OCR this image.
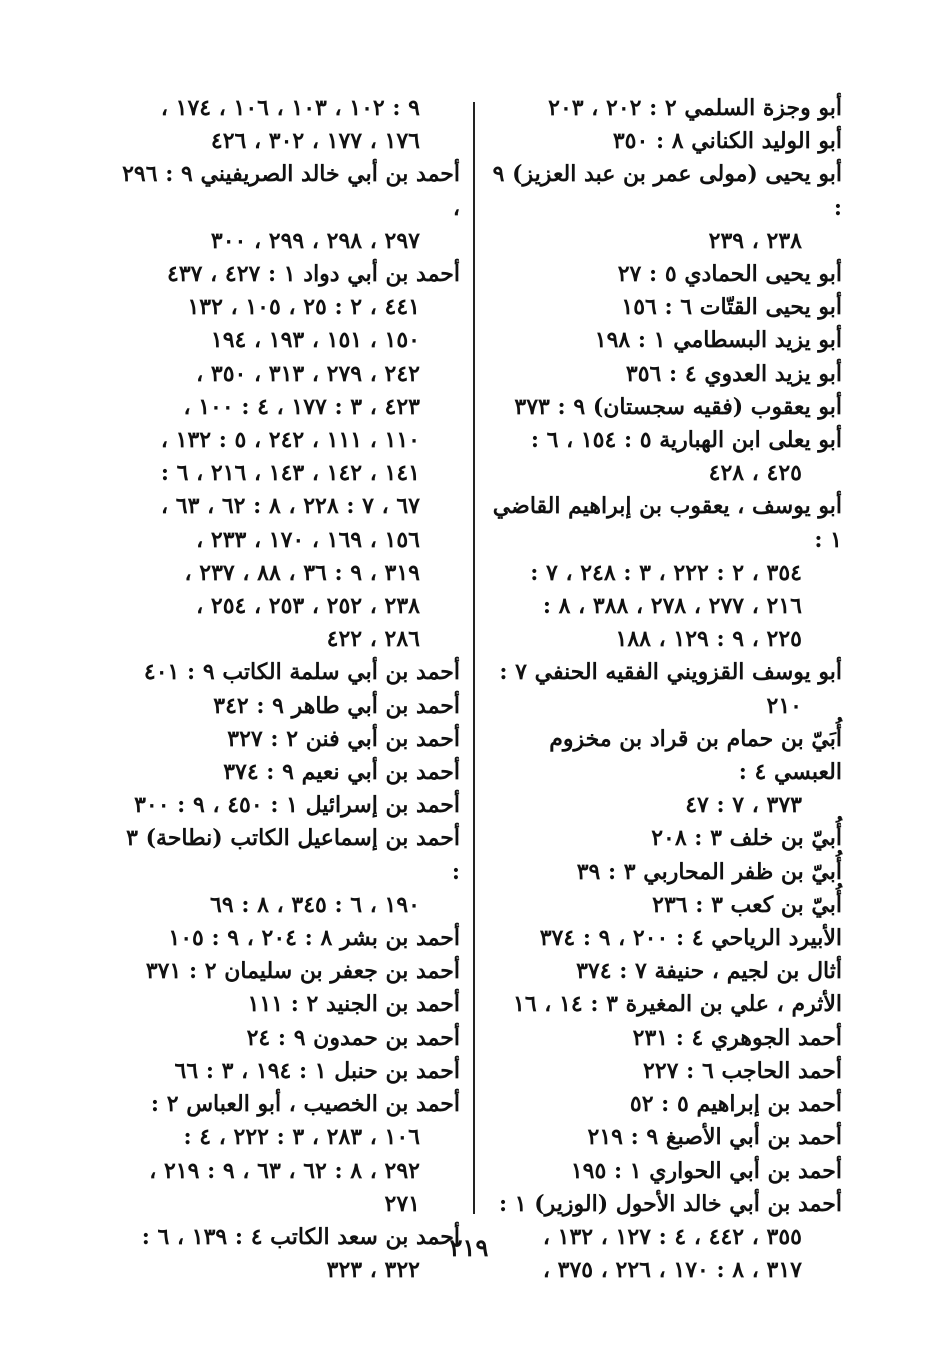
أبو وجزة السلمي ٢ : ٢٠٢ ، ٢٠٣
أبو الوليد الكناني ٨ : ٣٥٠
أبو يحيى (مولى عمر بن عبد العزيز) ٩ :
٢٣٨ ، ٢٣٩
أبو يحيى الحمادي ٥ : ٢٧
أبو يحيى القتّات ٦ : ١٥٦
أبو يزيد البسطامي ١ : ١٩٨
أبو يزيد العدوي ٤ : ٣٥٦
أبو يعقوب (فقيه سجستان) ٩ : ٣٧٣
أبو يعلى ابن الهبارية ٥ : ١٥٤ ، ٦ :
٤٢٥ ، ٤٢٨
أبو يوسف ، يعقوب بن إبراهيم القاضي ١ :
٣٥٤ ، ٢ : ٢٢٢ ، ٣ : ٢٤٨ ، ٧ :
٢١٦ ، ٢٧٧ ، ٢٧٨ ، ٣٨٨ ، ٨ :
٢٢٥ ، ٩ : ١٢٩ ، ١٨٨
أبو يوسف القزويني الفقيه الحنفي ٧ :
٢١٠
أُبَيّ بن حمام بن قراد بن مخزوم العبسي ٤ :
٣٧٣ ، ٧ : ٤٧
أُبيّ بن خلف ٣ : ٢٠٨
أُبيّ بن ظفر المحاربي ٣ : ٣٩
أُبيّ بن كعب ٣ : ٢٣٦
الأبيرد الرياحي ٤ : ٢٠٠ ، ٩ : ٣٧٤
أثال بن لجيم ، حنيفة ٧ : ٣٧٤
الأثرم ، علي بن المغيرة ٣ : ١٤ ، ١٦
أحمد الجوهري ٤ : ٢٣١
أحمد الحاجب ٦ : ٢٢٧
أحمد بن إبراهيم ٥ : ٥٢
أحمد بن أبي الأصبغ ٩ : ٢١٩
أحمد بن أبي الحواري ١ : ١٩٥
أحمد بن أبي خالد الأحول (الوزير) ١ :
٣٥٥ ، ٤٤٢ ، ٤ : ١٢٧ ، ١٣٢ ،
٣١٧ ، ٨ : ١٧٠ ، ٢٢٦ ، ٣٧٥ ،
٩ : ١٠٢ ، ١٠٣ ، ١٠٦ ، ١٧٤ ،
١٧٦ ، ١٧٧ ، ٣٠٢ ، ٤٢٦
أحمد بن أبي خالد الصريفيني ٩ : ٢٩٦ ،
٢٩٧ ، ٢٩٨ ، ٢٩٩ ، ٣٠٠
أحمد بن أبي دواد ١ : ٤٢٧ ، ٤٣٧
٤٤١ ، ٢ : ٢٥ ، ١٠٥ ، ١٣٢
١٥٠ ، ١٥١ ، ١٩٣ ، ١٩٤
٢٤٢ ، ٢٧٩ ، ٣١٣ ، ٣٥٠ ،
٤٢٣ ، ٣ : ١٧٧ ، ٤ : ١٠٠ ،
١١٠ ، ١١١ ، ٢٤٢ ، ٥ : ١٣٢ ،
١٤١ ، ١٤٢ ، ١٤٣ ، ٢١٦ ، ٦ :
٦٧ ، ٧ : ٢٢٨ ، ٨ : ٦٢ ، ٦٣ ،
١٥٦ ، ١٦٩ ، ١٧٠ ، ٢٣٣ ،
٣١٩ ، ٩ : ٣٦ ، ٨٨ ، ٢٣٧ ،
٢٣٨ ، ٢٥٢ ، ٢٥٣ ، ٢٥٤ ،
٢٨٦ ، ٤٢٢
أحمد بن أبي سلمة الكاتب ٩ : ٤٠١
أحمد بن أبي طاهر ٩ : ٣٤٢
أحمد بن أبي فنن ٢ : ٣٢٧
أحمد بن أبي نعيم ٩ : ٣٧٤
أحمد بن إسرائيل ١ : ٤٥٠ ، ٩ : ٣٠٠
أحمد بن إسماعيل الكاتب (نطاحة) ٣ :
١٩٠ ، ٦ : ٣٤٥ ، ٨ : ٦٩
أحمد بن بشر ٨ : ٢٠٤ ، ٩ : ١٠٥
أحمد بن جعفر بن سليمان ٢ : ٣٧١
أحمد بن الجنيد ٢ : ١١١
أحمد بن حمدون ٩ : ٢٤
أحمد بن حنبل ١ : ١٩٤ ، ٣ : ٦٦
أحمد بن الخصيب ، أبو العباس ٢ :
١٠٦ ، ٢٨٣ ، ٣ : ٢٢٢ ، ٤ :
٢٩٢ ، ٨ : ٦٢ ، ٦٣ ، ٩ : ٢١٩ ،
٢٧١
أحمد بن سعد الكاتب ٤ : ١٣٩ ، ٦ :
٣٢٢ ، ٣٢٣
٢١٩
